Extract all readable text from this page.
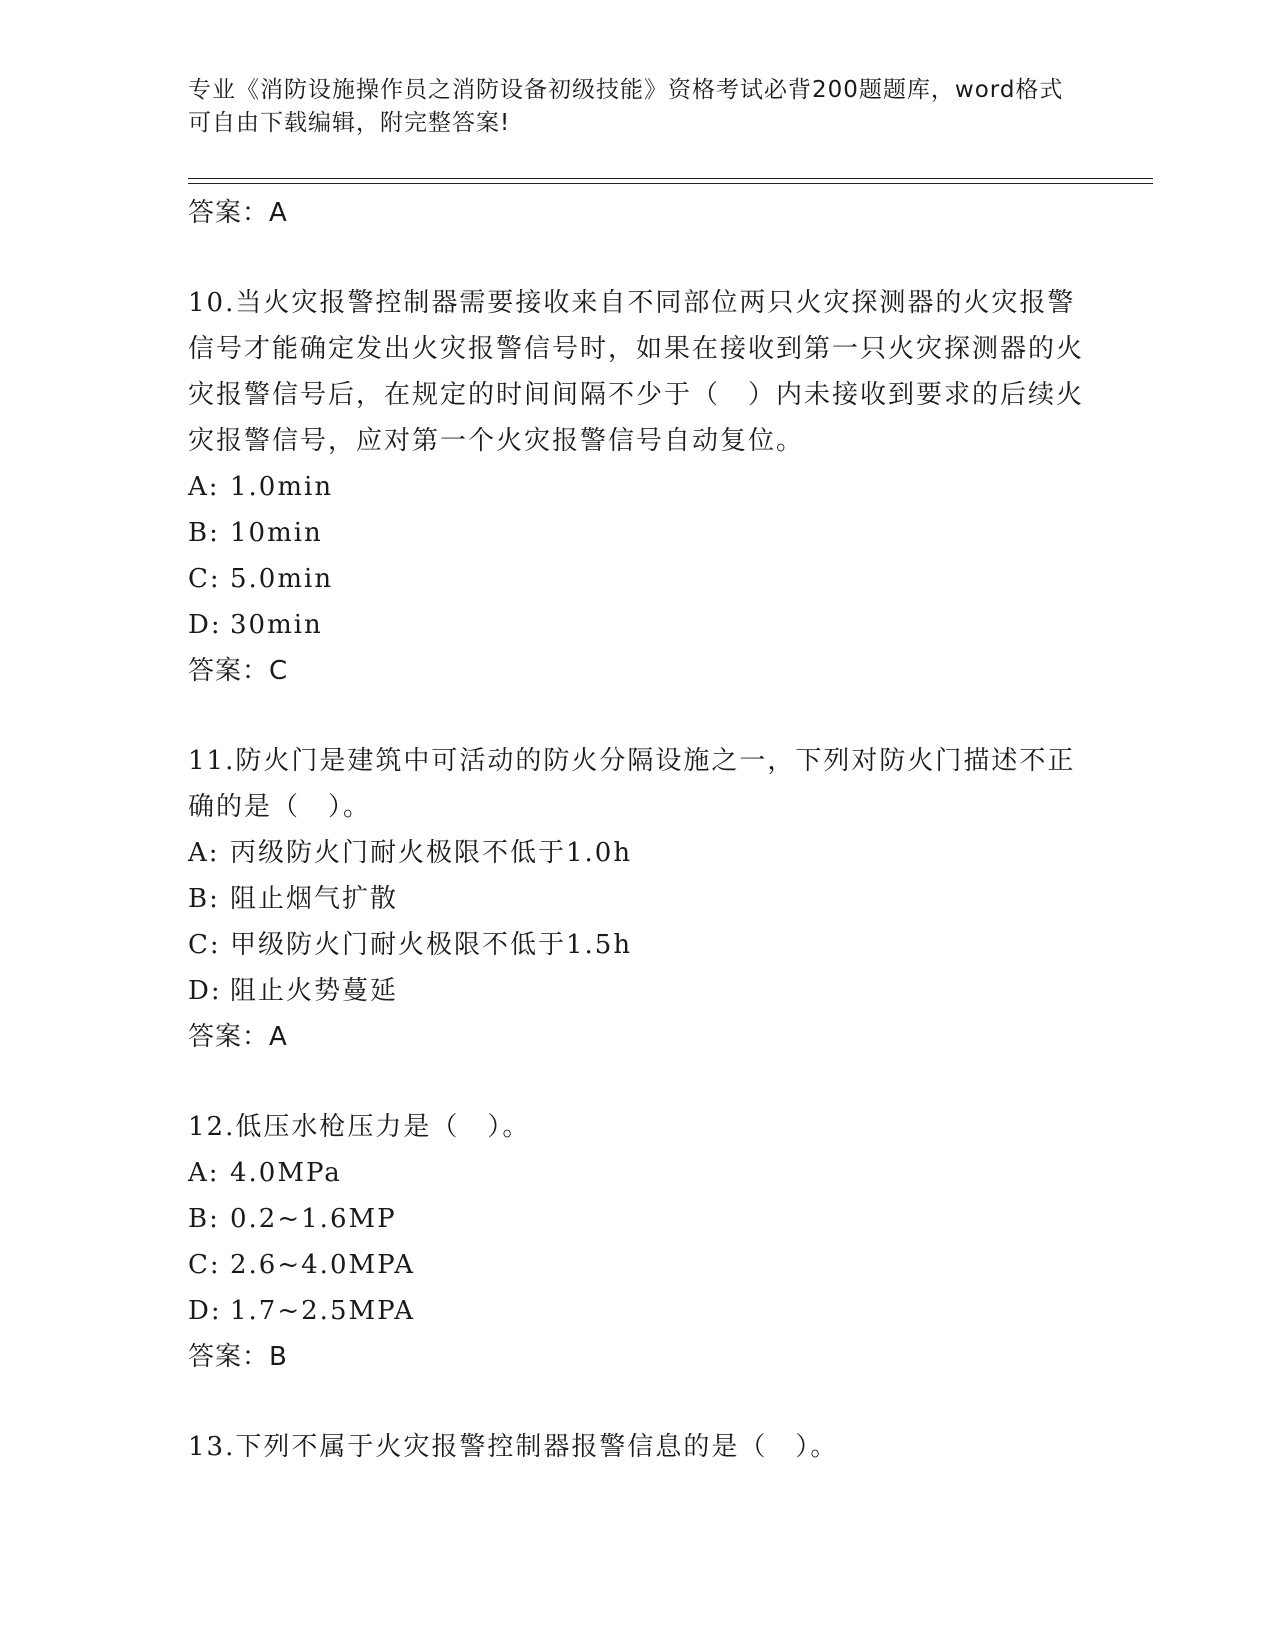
专业《消防设施操作员之消防设备初级技能》资格考试必背200题题库，word格式可自由下载编辑，附完整答案!
答案：A
10.当火灾报警控制器需要接收来自不同部位两只火灾探测器的火灾报警信号才能确定发出火灾报警信号时，如果在接收到第一只火灾探测器的火灾报警信号后，在规定的时间间隔不少于（　）内未接收到要求的后续火灾报警信号，应对第一个火灾报警信号自动复位。
A: 1.0min
B: 10min
C: 5.0min
D: 30min
答案：C
11.防火门是建筑中可活动的防火分隔设施之一，下列对防火门描述不正确的是（　）。
A: 丙级防火门耐火极限不低于1.0h
B: 阻止烟气扩散
C: 甲级防火门耐火极限不低于1.5h
D: 阻止火势蔓延
答案：A
12.低压水枪压力是（　）。
A: 4.0MPa
B: 0.2~1.6MP
C: 2.6~4.0MPA
D: 1.7~2.5MPA
答案：B
13.下列不属于火灾报警控制器报警信息的是（　）。
